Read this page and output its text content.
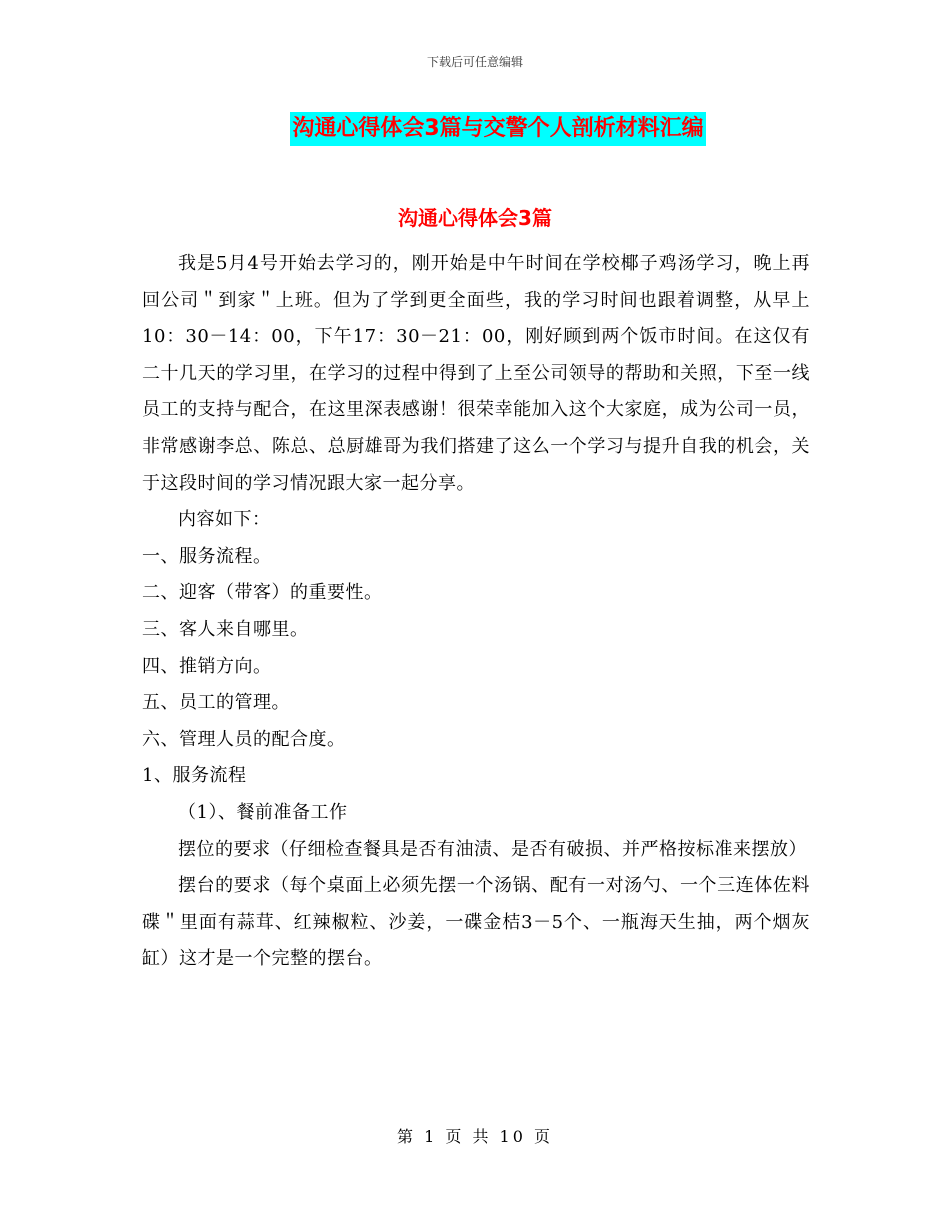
下载后可任意编辑
沟通心得体会3篇与交警个人剖析材料汇编
沟通心得体会3篇

我是5月4号开始去学习的，刚开始是中午时间在学校椰子鸡汤学习，晚上再回公司＂到家＂上班。但为了学到更全面些，我的学习时间也跟着调整，从早上10：30－14：00，下午17：30－21：00，刚好顾到两个饭市时间。在这仅有二十几天的学习里，在学习的过程中得到了上至公司领导的帮助和关照，下至一线员工的支持与配合，在这里深表感谢！很荣幸能加入这个大家庭，成为公司一员，非常感谢李总、陈总、总厨雄哥为我们搭建了这么一个学习与提升自我的机会，关于这段时间的学习情况跟大家一起分享。

内容如下：

一、服务流程。

二、迎客（带客）的重要性。

三、客人来自哪里。

四、推销方向。

五、员工的管理。

六、管理人员的配合度。

1、服务流程

（1）、餐前准备工作

摆位的要求（仔细检查餐具是否有油渍、是否有破损、并严格按标准来摆放）

摆台的要求（每个桌面上必须先摆一个汤锅、配有一对汤勺、一个三连体佐料碟＂里面有蒜茸、红辣椒粒、沙姜，一碟金桔3－5个、一瓶海天生抽，两个烟灰缸）这才是一个完整的摆台。

第 1 页 共 10 页
